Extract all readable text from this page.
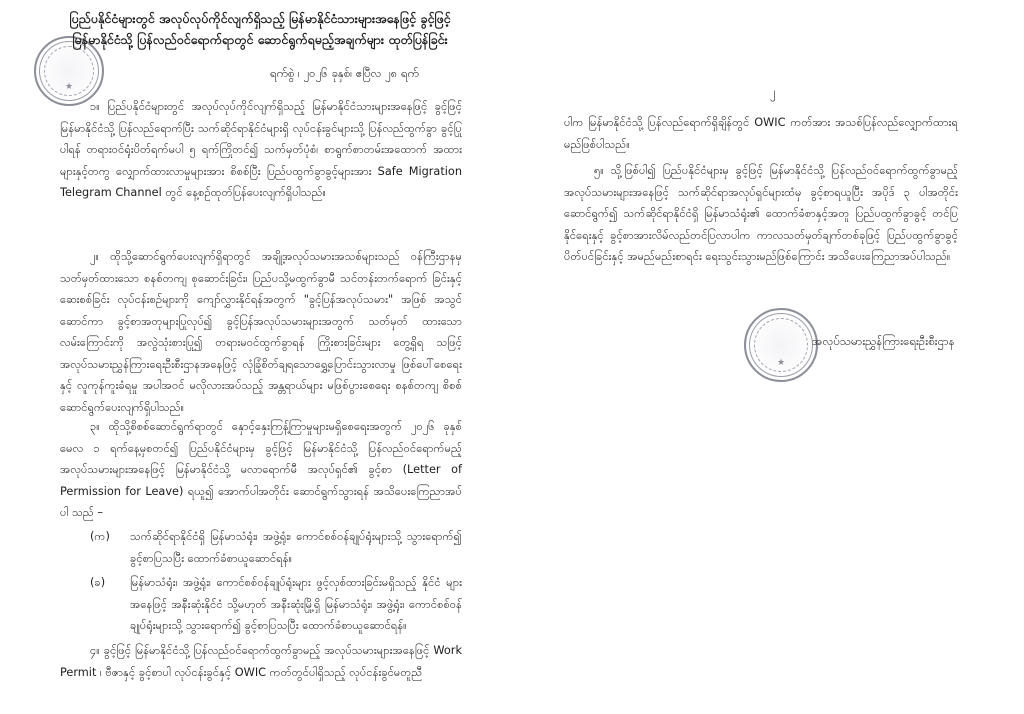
★
ပြည်ပနိုင်ငံများတွင် အလုပ်လုပ်ကိုင်လျက်ရှိသည့် မြန်မာနိုင်ငံသားများအနေဖြင့် ခွင့်ဖြင့် မြန်မာနိုင်ငံသို့ ပြန်လည်ဝင်ရောက်ရာတွင် ဆောင်ရွက်ရမည့်အချက်များ ထုတ်ပြန်ခြင်း
ရက်စွဲ ၊ ၂၀၂၆ ခုနှစ်၊ ဧပြီလ ၂၈ ရက်

၁။ ပြည်ပနိုင်ငံများတွင် အလုပ်လုပ်ကိုင်လျက်ရှိသည့် မြန်မာနိုင်ငံသားများအနေဖြင့် ခွင့်ဖြင့် မြန်မာနိုင်ငံသို့ ပြန်လည်ရောက်ပြီး သက်ဆိုင်ရာနိုင်ငံများရှိ လုပ်ငန်းခွင်များသို့ ပြန်လည်ထွက်ခွာ ခွင့်ပြုပါရန် တရားဝင်ရုံးပိတ်ရက်မပါ ၅ ရက်ကြိုတင်၍ သက်မှတ်ပုံစံ၊ စာရွက်စာတမ်းအထောက် အထားများနှင့်တကွ လျှောက်ထားလာမှုများအား စိစစ်ပြီး ပြည်ပထွက်ခွာခွင့်များအား Safe Migration Telegram Channel တွင် နေ့စဉ်ထုတ်ပြန်ပေးလျက်ရှိပါသည်။

၂။ ထိုသို့ဆောင်ရွက်ပေးလျက်ရှိရာတွင် အချို့အလုပ်သမားအသစ်များသည် ဝန်ကြီးဌာနမှ သတ်မှတ်ထားသော စနစ်တကျ စုဆောင်းခြင်း၊ ပြည်ပသို့မထွက်ခွာမီ သင်တန်းတက်ရောက် ခြင်းနှင့် ဆေးစစ်ခြင်း လုပ်ငန်းစဉ်များကို ကျော်လွှားနိုင်ရန်အတွက် "ခွင့်ပြန်အလုပ်သမား" အဖြစ် အသွင်ဆောင်ကာ ခွင့်စာအတုများပြုလုပ်၍ ခွင့်ပြန်အလုပ်သမားများအတွက် သတ်မှတ် ထားသောလမ်းကြောင်းကို အလွဲသုံးစားပြု၍ တရားမဝင်ထွက်ခွာရန် ကြိုးစားခြင်းများ တွေ့ရှိရ သဖြင့် အလုပ်သမားညွှန်ကြားရေးဦးစီးဌာနအနေဖြင့် လုံခြုံစိတ်ချရသောရွှေ့ပြောင်းသွားလာမှု ဖြစ်ပေါ်စေရေးနှင့် လူကုန်ကူးခံရမှု အပါအဝင် မလိုလားအပ်သည့် အန္တရာယ်များ မဖြစ်ပွားစေရေး စနစ်တကျ စိစစ်ဆောင်ရွက်ပေးလျက်ရှိပါသည်။

၃။ ထိုသို့စိစစ်ဆောင်ရွက်ရာတွင် နှောင့်နှေးကြန့်ကြာမှုများမရှိစေရေးအတွက် ၂၀၂၆ ခုနှစ် မေလ ၁ ရက်နေ့မှစတင်၍ ပြည်ပနိုင်ငံများမှ ခွင့်ဖြင့် မြန်မာနိုင်ငံသို့ ပြန်လည်ဝင်ရောက်မည့် အလုပ်သမားများအနေဖြင့် မြန်မာနိုင်ငံသို့ မလာရောက်မီ အလုပ်ရှင်၏ ခွင့်စာ (Letter of Permission for Leave) ရယူ၍ အောက်ပါအတိုင်း ဆောင်ရွက်သွားရန် အသိပေးကြေညာအပ်ပါ သည် –

(က) သက်ဆိုင်ရာနိုင်ငံရှိ မြန်မာသံရုံး၊ အဖွဲ့ရုံး၊ ကောင်စစ်ဝန်ချုပ်ရုံးများသို့ သွားရောက်၍ ခွင့်စာပြသပြီး ထောက်ခံစာယူဆောင်ရန်။
(ခ) မြန်မာသံရုံး၊ အဖွဲ့ရုံး၊ ကောင်စစ်ဝန်ချုပ်ရုံးများ ဖွင့်လှစ်ထားခြင်းမရှိသည့် နိုင်ငံ များအနေဖြင့် အနီးဆုံးနိုင်ငံ သို့မဟုတ် အနီးဆုံးမြို့ရှိ မြန်မာသံရုံး၊ အဖွဲ့ရုံး၊ ကောင်စစ်ဝန်ချုပ်ရုံးများသို့ သွားရောက်၍ ခွင့်စာပြသပြီး ထောက်ခံစာယူဆောင်ရန်။

၄။ ခွင့်ဖြင့် မြန်မာနိုင်ငံသို့ ပြန်လည်ဝင်ရောက်ထွက်ခွာမည့် အလုပ်သမားများအနေဖြင့် Work Permit ၊ ဗီဇာနှင့် ခွင့်စာပါ လုပ်ငန်းခွင်နှင့် OWIC ကတ်တွင်ပါရှိသည့် လုပ်ငန်းခွင်မတူညီ

၂

ပါက မြန်မာနိုင်ငံသို့ ပြန်လည်ရောက်ရှိချိန်တွင် OWIC ကတ်အား အသစ်ပြန်လည်လျှောက်ထားရ မည်ဖြစ်ပါသည်။

၅။ သို့ဖြစ်ပါ၍ ပြည်ပနိုင်ငံများမှ ခွင့်ဖြင့် မြန်မာနိုင်ငံသို့ ပြန်လည်ဝင်ရောက်ထွက်ခွာမည့် အလုပ်သမားများအနေဖြင့် သက်ဆိုင်ရာအလုပ်ရှင်များထံမှ ခွင့်စာရယူပြီး အပိုဒ် ၃ ပါအတိုင်း ဆောင်ရွက်၍ သက်ဆိုင်ရာနိုင်ငံရှိ မြန်မာသံရုံး၏ ထောက်ခံစာနှင့်အတူ ပြည်ပထွက်ခွာခွင့် တင်ပြ နိုင်ရေးနှင့် ခွင့်စာအားလိမ်လည်တင်ပြလာပါက ကာလသတ်မှတ်ချက်တစ်ခုဖြင့် ပြည်ပထွက်ခွာခွင့် ပိတ်ပင်ခြင်းနှင့် အမည်မည်းစာရင်း ရေးသွင်းသွားမည်ဖြစ်ကြောင်း အသိပေးကြေညာအပ်ပါသည်။

★
အလုပ်သမားညွှန်ကြားရေးဦးစီးဌာန
